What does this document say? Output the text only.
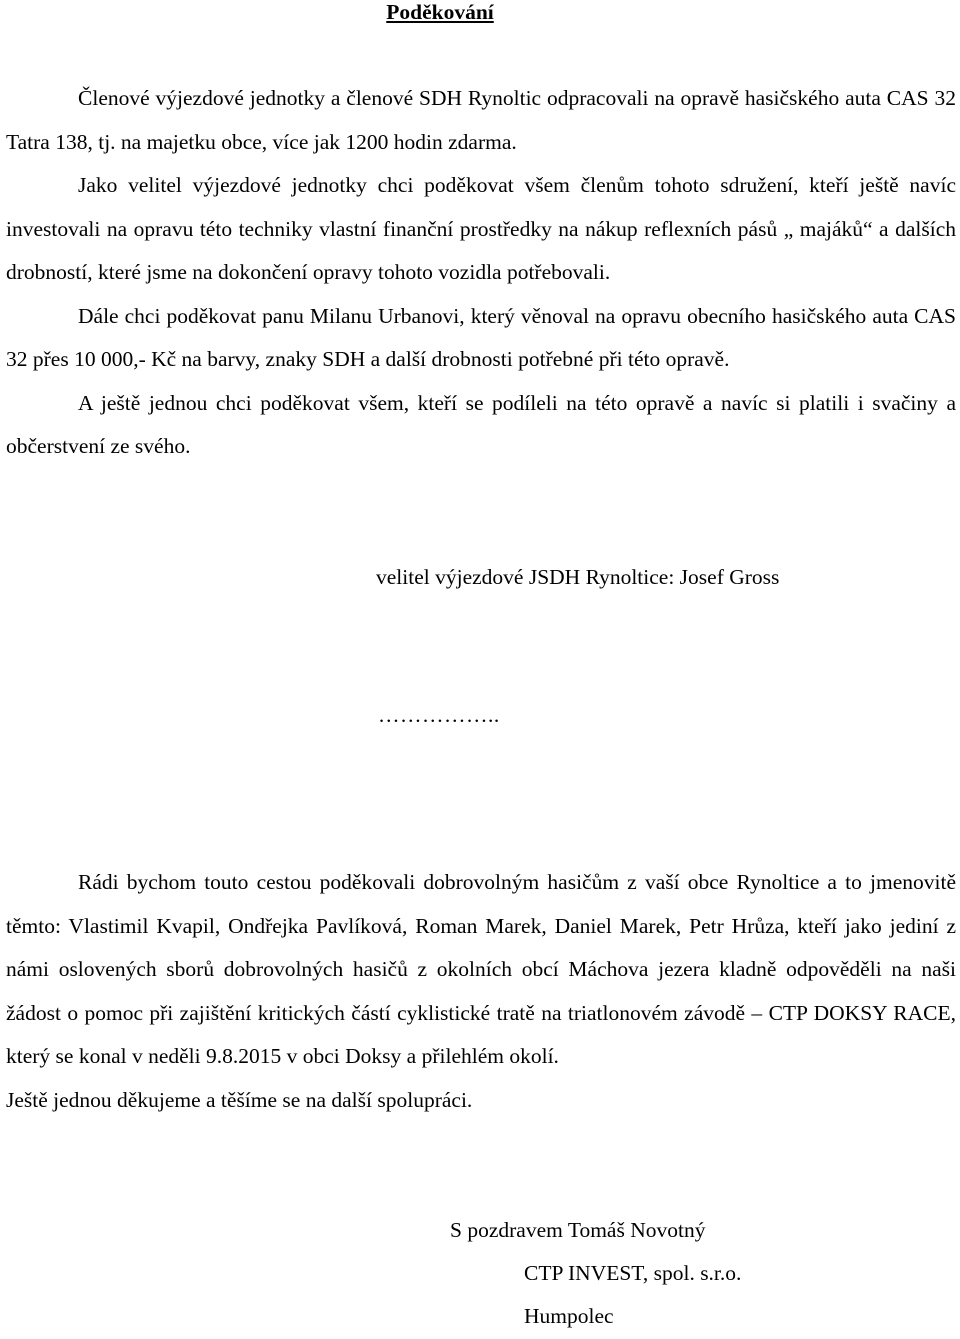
Poděkování

Členové výjezdové jednotky a členové SDH Rynoltic odpracovali na opravě hasičského auta CAS 32 Tatra 138, tj. na majetku obce, více jak 1200 hodin zdarma.

Jako velitel výjezdové jednotky chci poděkovat všem členům tohoto sdružení, kteří ještě navíc investovali na opravu této techniky vlastní finanční prostředky na nákup reflexních pásů „ majáků“ a dalších drobností, které jsme na dokončení opravy tohoto vozidla potřebovali.

Dále chci poděkovat panu Milanu Urbanovi, který věnoval na opravu obecního hasičského auta CAS 32 přes 10 000,- Kč na barvy, znaky SDH a další drobnosti potřebné při této opravě.

A ještě jednou chci poděkovat všem, kteří se podíleli na této opravě a navíc si platili i svačiny a občerstvení ze svého.

velitel výjezdové JSDH Rynoltice: Josef Gross
……………..

Rádi bychom touto cestou poděkovali dobrovolným hasičům z vaší obce Rynoltice a to jmenovitě těmto: Vlastimil Kvapil, Ondřejka Pavlíková, Roman Marek, Daniel Marek, Petr Hrůza, kteří jako jediní z námi oslovených sborů dobrovolných hasičů z okolních obcí Máchova jezera kladně odpověděli na naši žádost o pomoc při zajištění kritických částí cyklistické tratě na triatlonovém závodě – CTP DOKSY RACE, který se konal v neděli 9.8.2015 v obci Doksy a přilehlém okolí.

Ještě jednou děkujeme a těšíme se na další spolupráci.

S pozdravem Tomáš Novotný
CTP INVEST, spol. s.r.o.
Humpolec
